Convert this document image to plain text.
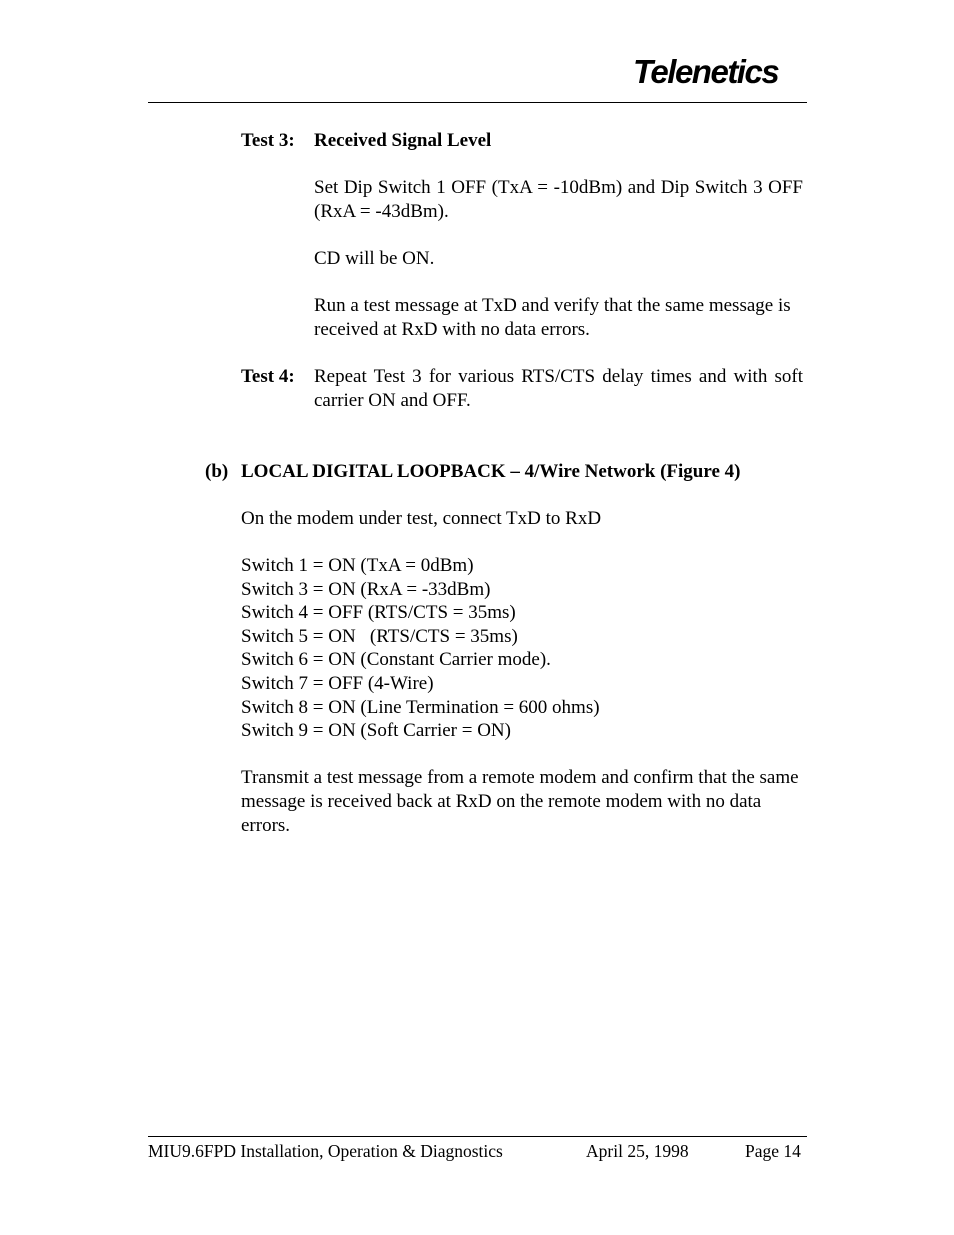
Telenetics
Test 3: Received Signal Level

Set Dip Switch 1 OFF (TxA = -10dBm) and Dip Switch 3 OFF (RxA = -43dBm).

CD will be ON.

Run a test message at TxD and verify that the same message is received at RxD with no data errors.

Test 4: Repeat Test 3 for various RTS/CTS delay times and with soft carrier ON and OFF.

(b) LOCAL DIGITAL LOOPBACK – 4/Wire Network (Figure 4)

On the modem under test, connect TxD to RxD

Switch 1 = ON (TxA = 0dBm)
Switch 3 = ON (RxA = -33dBm)
Switch 4 = OFF (RTS/CTS = 35ms)
Switch 5 = ON   (RTS/CTS = 35ms)
Switch 6 = ON (Constant Carrier mode).
Switch 7 = OFF (4-Wire)
Switch 8 = ON (Line Termination = 600 ohms)
Switch 9 = ON (Soft Carrier = ON)

Transmit a test message from a remote modem and confirm that the same message is received back at RxD on the remote modem with no data errors.

MIU9.6FPD Installation, Operation & Diagnostics	April 25, 1998	Page 14
